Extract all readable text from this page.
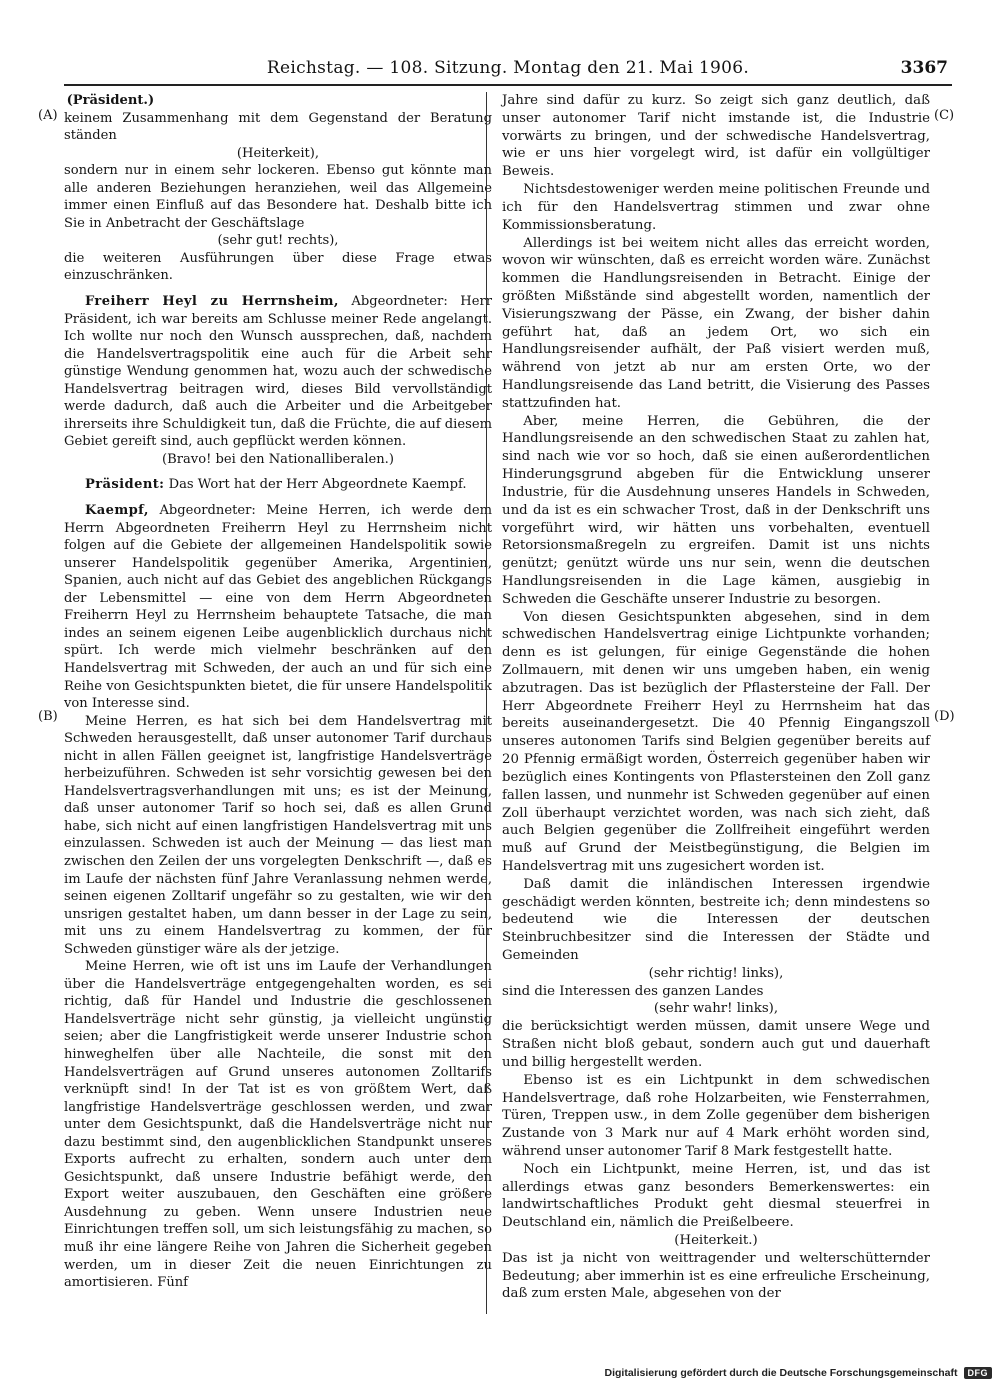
Reichstag. — 108. Sitzung. Montag den 21. Mai 1906.	3367
(A)
(B)
(C)
(D)
(Präsident.)

keinem Zusammenhang mit dem Gegenstand der Beratung ständen

(Heiterkeit),

sondern nur in einem sehr lockeren. Ebenso gut könnte man alle anderen Beziehungen heranziehen, weil das Allgemeine immer einen Einfluß auf das Besondere hat. Deshalb bitte ich Sie in Anbetracht der Geschäftslage

(sehr gut! rechts),

die weiteren Ausführungen über diese Frage etwas einzuschränken.

Freiherr Heyl zu Herrnsheim, Abgeordneter: Herr Präsident, ich war bereits am Schlusse meiner Rede angelangt. Ich wollte nur noch den Wunsch aussprechen, daß, nachdem die Handelsvertragspolitik eine auch für die Arbeit sehr günstige Wendung genommen hat, wozu auch der schwedische Handelsvertrag beitragen wird, dieses Bild vervollständigt werde dadurch, daß auch die Arbeiter und die Arbeitgeber ihrerseits ihre Schuldigkeit tun, daß die Früchte, die auf diesem Gebiet gereift sind, auch gepflückt werden können.

(Bravo! bei den Nationalliberalen.)

Präsident: Das Wort hat der Herr Abgeordnete Kaempf.

Kaempf, Abgeordneter: Meine Herren, ich werde dem Herrn Abgeordneten Freiherrn Heyl zu Herrnsheim nicht folgen auf die Gebiete der allgemeinen Handelspolitik sowie unserer Handelspolitik gegenüber Amerika, Argentinien, Spanien, auch nicht auf das Gebiet des angeblichen Rückgangs der Lebensmittel — eine von dem Herrn Abgeordneten Freiherrn Heyl zu Herrnsheim behauptete Tatsache, die man indes an seinem eigenen Leibe augenblicklich durchaus nicht spürt. Ich werde mich vielmehr beschränken auf den Handelsvertrag mit Schweden, der auch an und für sich eine Reihe von Gesichtspunkten bietet, die für unsere Handelspolitik von Interesse sind.

Meine Herren, es hat sich bei dem Handelsvertrag mit Schweden herausgestellt, daß unser autonomer Tarif durchaus nicht in allen Fällen geeignet ist, langfristige Handelsverträge herbeizuführen. Schweden ist sehr vorsichtig gewesen bei den Handelsvertragsverhandlungen mit uns; es ist der Meinung, daß unser autonomer Tarif so hoch sei, daß es allen Grund habe, sich nicht auf einen langfristigen Handelsvertrag mit uns einzulassen. Schweden ist auch der Meinung — das liest man zwischen den Zeilen der uns vorgelegten Denkschrift —, daß es im Laufe der nächsten fünf Jahre Veranlassung nehmen werde, seinen eigenen Zolltarif ungefähr so zu gestalten, wie wir den unsrigen gestaltet haben, um dann besser in der Lage zu sein, mit uns zu einem Handelsvertrag zu kommen, der für Schweden günstiger wäre als der jetzige.

Meine Herren, wie oft ist uns im Laufe der Verhandlungen über die Handelsverträge entgegengehalten worden, es sei richtig, daß für Handel und Industrie die geschlossenen Handelsverträge nicht sehr günstig, ja vielleicht ungünstig seien; aber die Langfristigkeit werde unserer Industrie schon hinweghelfen über alle Nachteile, die sonst mit den Handelsverträgen auf Grund unseres autonomen Zolltarifs verknüpft sind! In der Tat ist es von größtem Wert, daß langfristige Handelsverträge geschlossen werden, und zwar unter dem Gesichtspunkt, daß die Handelsverträge nicht nur dazu bestimmt sind, den augenblicklichen Standpunkt unseres Exports aufrecht zu erhalten, sondern auch unter dem Gesichtspunkt, daß unsere Industrie befähigt werde, den Export weiter auszubauen, den Geschäften eine größere Ausdehnung zu geben. Wenn unsere Industrien neue Einrichtungen treffen soll, um sich leistungsfähig zu machen, so muß ihr eine längere Reihe von Jahren die Sicherheit gegeben werden, um in dieser Zeit die neuen Einrichtungen zu amortisieren. Fünf

Jahre sind dafür zu kurz. So zeigt sich ganz deutlich, daß unser autonomer Tarif nicht imstande ist, die Industrie vorwärts zu bringen, und der schwedische Handelsvertrag, wie er uns hier vorgelegt wird, ist dafür ein vollgültiger Beweis.

Nichtsdestoweniger werden meine politischen Freunde und ich für den Handelsvertrag stimmen und zwar ohne Kommissionsberatung.

Allerdings ist bei weitem nicht alles das erreicht worden, wovon wir wünschten, daß es erreicht worden wäre. Zunächst kommen die Handlungsreisenden in Betracht. Einige der größten Mißstände sind abgestellt worden, namentlich der Visierungszwang der Pässe, ein Zwang, der bisher dahin geführt hat, daß an jedem Ort, wo sich ein Handlungsreisender aufhält, der Paß visiert werden muß, während von jetzt ab nur am ersten Orte, wo der Handlungsreisende das Land betritt, die Visierung des Passes stattzufinden hat.

Aber, meine Herren, die Gebühren, die der Handlungsreisende an den schwedischen Staat zu zahlen hat, sind nach wie vor so hoch, daß sie einen außerordentlichen Hinderungsgrund abgeben für die Entwicklung unserer Industrie, für die Ausdehnung unseres Handels in Schweden, und da ist es ein schwacher Trost, daß in der Denkschrift uns vorgeführt wird, wir hätten uns vorbehalten, eventuell Retorsionsmaßregeln zu ergreifen. Damit ist uns nichts genützt; genützt würde uns nur sein, wenn die deutschen Handlungsreisenden in die Lage kämen, ausgiebig in Schweden die Geschäfte unserer Industrie zu besorgen.

Von diesen Gesichtspunkten abgesehen, sind in dem schwedischen Handelsvertrag einige Lichtpunkte vorhanden; denn es ist gelungen, für einige Gegenstände die hohen Zollmauern, mit denen wir uns umgeben haben, ein wenig abzutragen. Das ist bezüglich der Pflastersteine der Fall. Der Herr Abgeordnete Freiherr Heyl zu Herrnsheim hat das bereits auseinandergesetzt. Die 40 Pfennig Eingangszoll unseres autonomen Tarifs sind Belgien gegenüber bereits auf 20 Pfennig ermäßigt worden, Österreich gegenüber haben wir bezüglich eines Kontingents von Pflastersteinen den Zoll ganz fallen lassen, und nunmehr ist Schweden gegenüber auf einen Zoll überhaupt verzichtet worden, was nach sich zieht, daß auch Belgien gegenüber die Zollfreiheit eingeführt werden muß auf Grund der Meistbegünstigung, die Belgien im Handelsvertrag mit uns zugesichert worden ist.

Daß damit die inländischen Interessen irgendwie geschädigt werden könnten, bestreite ich; denn mindestens so bedeutend wie die Interessen der deutschen Steinbruchbesitzer sind die Interessen der Städte und Gemeinden

(sehr richtig! links),

sind die Interessen des ganzen Landes

(sehr wahr! links),

die berücksichtigt werden müssen, damit unsere Wege und Straßen nicht bloß gebaut, sondern auch gut und dauerhaft und billig hergestellt werden.

Ebenso ist es ein Lichtpunkt in dem schwedischen Handelsvertrage, daß rohe Holzarbeiten, wie Fensterrahmen, Türen, Treppen usw., in dem Zolle gegenüber dem bisherigen Zustande von 3 Mark nur auf 4 Mark erhöht worden sind, während unser autonomer Tarif 8 Mark festgestellt hatte.

Noch ein Lichtpunkt, meine Herren, ist, und das ist allerdings etwas ganz besonders Bemerkenswertes: ein landwirtschaftliches Produkt geht diesmal steuerfrei in Deutschland ein, nämlich die Preißelbeere.

(Heiterkeit.)

Das ist ja nicht von weittragender und welterschütternder Bedeutung; aber immerhin ist es eine erfreuliche Erscheinung, daß zum ersten Male, abgesehen von der

Digitalisierung gefördert durch die Deutsche Forschungsgemeinschaft	DFG
